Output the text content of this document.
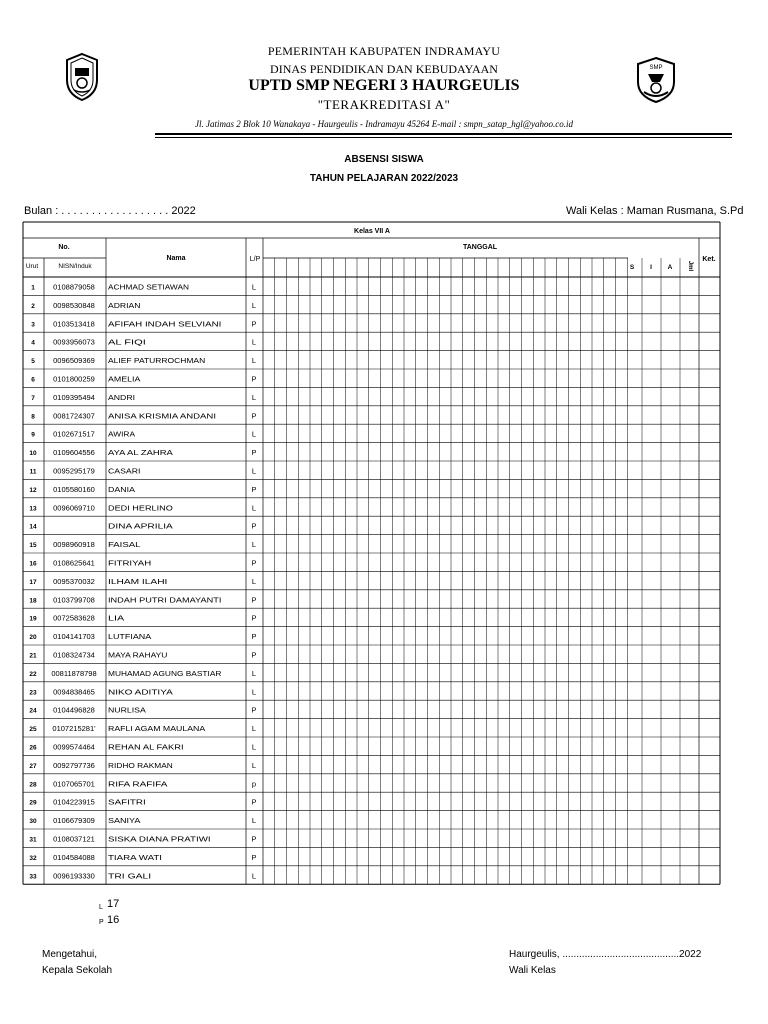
SMP
PEMERINTAH KABUPATEN INDRAMAYU
DINAS PENDIDIKAN DAN KEBUDAYAAN
UPTD SMP NEGERI 3 HAURGEULIS
"TERAKREDITASI A"
Jl. Jatimas 2 Blok 10 Wanakaya - Haurgeulis - Indramayu 45264 E-mail : smpn_satap_hgl@yahoo.co.id
ABSENSI SISWA
TAHUN PELAJARAN 2022/2023
Bulan : . . . . . . . . . . . . . . . . . . 2022	Wali Kelas : Maman Rusmana, S.Pd
Kelas VII A
No.
Urut	NISN/Induk
Nama	L/P
TANGGAL
S I A Jml
Ket.
1 0108879058 ACHMAD SETIAWAN	L
2 0098530848 ADRIAN	L
3 0103513418 AFIFAH INDAH SELVIANI	P
4 0093956073 AL FIQI	L
5 0096509369 ALIEF PATURROCHMAN	L
6 0101800259 AMELIA	P
7 0109395494 ANDRI	L
8 0081724307 ANISA KRISMIA ANDANI	P
9 0102671517 AWIRA	L
10 0109604556 AYA AL ZAHRA	P
11 0095295179 CASARI	L
12 0105580160 DANIA	P
13 0096069710 DEDI HERLINO	L
14	DINA APRILIA	P
15 0098960918 FAISAL	L
16 0108625641 FITRIYAH	P
17 0095370032 ILHAM ILAHI	L
18 0103799708 INDAH PUTRI DAMAYANTI	P
19 0072583628 LIA	P
20 0104141703 LUTFIANA	P
21 0108324734 MAYA RAHAYU	P
22 00811878798 MUHAMAD AGUNG BASTIAR	L
23 0094838465 NIKO ADITIYA	L
24 0104496828 NURLISA	P
25 0107215281' RAFLI AGAM MAULANA	L
26 0099574464 REHAN AL FAKRI	L
27 0092797736 RIDHO RAKMAN	L
28 0107065701 RIFA RAFIFA	p
29 0104223915 SAFITRI	P
30 0106679309 SANIYA	L
31 0108037121 SISKA DIANA PRATIWI	P
32 0104584088 TIARA WATI	P
33 0096193330 TRI GALI	L
L 17
P 16
Mengetahui,
Kepala Sekolah
Haurgeulis, ..........................................2022
Wali Kelas
